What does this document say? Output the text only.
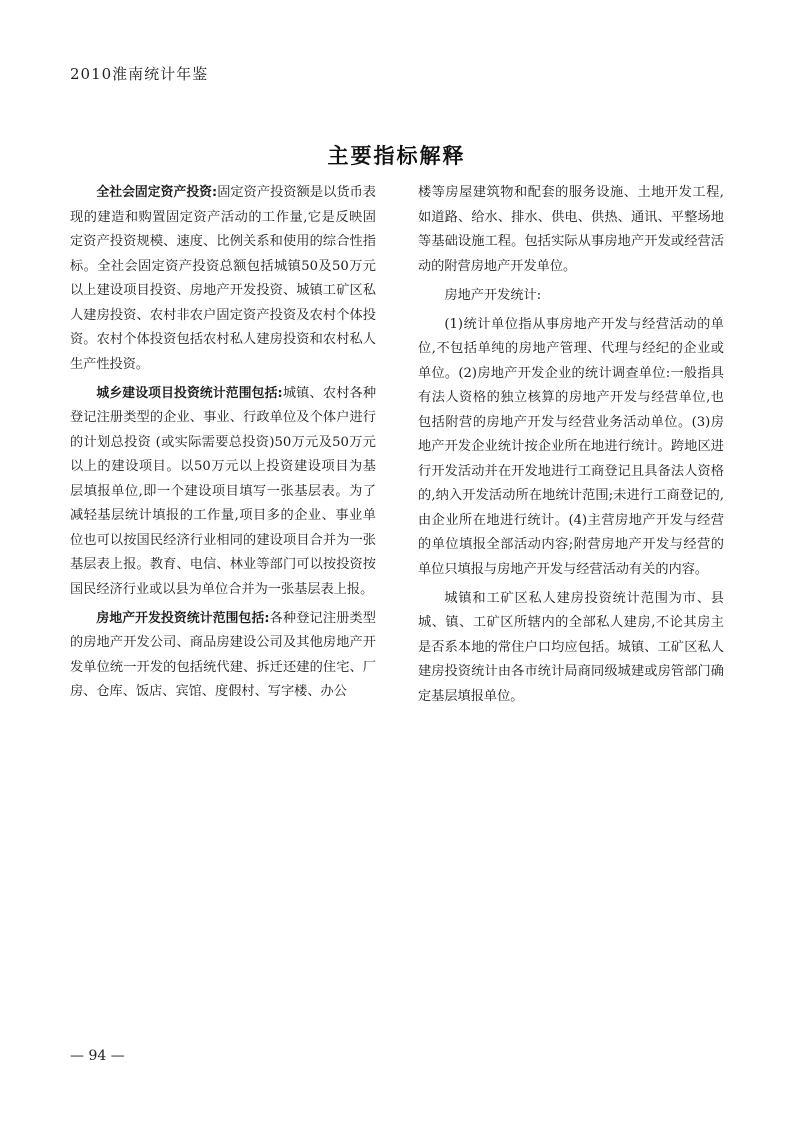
2010淮南统计年鉴
主要指标解释

全社会固定资产投资:固定资产投资额是以货币表现的建造和购置固定资产活动的工作量,它是反映固定资产投资规模、速度、比例关系和使用的综合性指标。全社会固定资产投资总额包括城镇50及50万元以上建设项目投资、房地产开发投资、城镇工矿区私人建房投资、农村非农户固定资产投资及农村个体投资。农村个体投资包括农村私人建房投资和农村私人生产性投资。

城乡建设项目投资统计范围包括:城镇、农村各种登记注册类型的企业、事业、行政单位及个体户进行的计划总投资 (或实际需要总投资)50万元及50万元以上的建设项目。以50万元以上投资建设项目为基层填报单位,即一个建设项目填写一张基层表。为了减轻基层统计填报的工作量,项目多的企业、事业单位也可以按国民经济行业相同的建设项目合并为一张基层表上报。教育、电信、林业等部门可以按投资按国民经济行业或以县为单位合并为一张基层表上报。

房地产开发投资统计范围包括:各种登记注册类型的房地产开发公司、商品房建设公司及其他房地产开发单位统一开发的包括统代建、拆迁还建的住宅、厂房、仓库、饭店、宾馆、度假村、写字楼、办公

楼等房屋建筑物和配套的服务设施、土地开发工程,如道路、给水、排水、供电、供热、通讯、平整场地等基础设施工程。包括实际从事房地产开发或经营活动的附营房地产开发单位。

房地产开发统计:

(1)统计单位指从事房地产开发与经营活动的单位,不包括单纯的房地产管理、代理与经纪的企业或单位。(2)房地产开发企业的统计调查单位:一般指具有法人资格的独立核算的房地产开发与经营单位,也包括附营的房地产开发与经营业务活动单位。(3)房地产开发企业统计按企业所在地进行统计。跨地区进行开发活动并在开发地进行工商登记且具备法人资格的,纳入开发活动所在地统计范围;未进行工商登记的,由企业所在地进行统计。(4)主营房地产开发与经营的单位填报全部活动内容;附营房地产开发与经营的单位只填报与房地产开发与经营活动有关的内容。

城镇和工矿区私人建房投资统计范围为市、县城、镇、工矿区所辖内的全部私人建房,不论其房主是否系本地的常住户口均应包括。城镇、工矿区私人建房投资统计由各市统计局商同级城建或房管部门确定基层填报单位。

— 94 —
